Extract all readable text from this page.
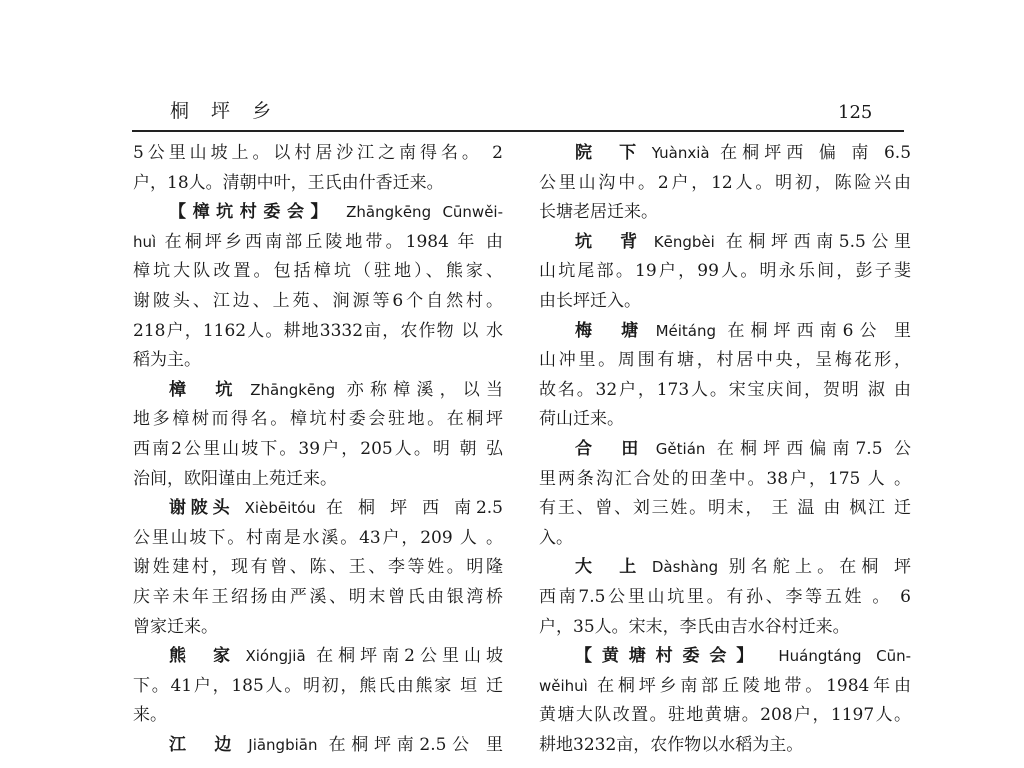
桐 坪 乡	125
5公里山坡上。以村居沙江之南得名。 2
户，18人。清朝中叶，王氏由什香迁来。
【樟坑村委会】 Zhāngkēng Cūnwěi-
huì 在桐坪乡西南部丘陵地带。1984 年 由
樟坑大队改置。包括樟坑（驻地）、熊家、
谢陂头、江边、上苑、涧源等6个自然村。
218户，1162人。耕地3332亩，农作物 以 水
稻为主。
樟　坑 Zhāngkēng 亦称樟溪，以当
地多樟树而得名。樟坑村委会驻地。在桐坪
西南2公里山坡下。39户，205人。明 朝 弘
治间，欧阳谨由上苑迁来。
谢陂头 Xièbēitóu 在 桐 坪 西 南2.5
公里山坡下。村南是水溪。43户，209 人 。
谢姓建村，现有曾、陈、王、李等姓。明隆
庆辛未年王绍扬由严溪、明末曾氏由银湾桥
曾家迁来。
熊　家 Xióngjiā 在桐坪南2公里山坡
下。41户，185人。明初，熊氏由熊家 垣 迁
来。
江　边 Jiāngbiān 在桐坪南2.5公 里
院　下 Yuànxià 在桐坪西 偏 南 6.5
公里山沟中。2户，12人。明初，陈险兴由
长塘老居迁来。
坑　背 Kēngbèi 在桐坪西南5.5公里
山坑尾部。19户，99人。明永乐间，彭子斐
由长坪迁入。
梅　塘 Méitáng 在桐坪西南6公 里
山冲里。周围有塘，村居中央，呈梅花形，
故名。32户，173人。宋宝庆间，贺明 淑 由
荷山迁来。
合　田 Gětián 在桐坪西偏南7.5 公
里两条沟汇合处的田垄中。38户，175 人 。
有王、曾、刘三姓。明末， 王 温 由 枫江 迁
入。
大　上 Dàshàng 别名舵上。在桐 坪
西南7.5公里山坑里。有孙、李等五姓 。 6
户，35人。宋末，李氏由吉水谷村迁来。
【黄塘村委会】 Huángtáng Cūn-
wěihuì 在桐坪乡南部丘陵地带。1984年由
黄塘大队改置。驻地黄塘。208户，1197人。
耕地3232亩，农作物以水稻为主。
